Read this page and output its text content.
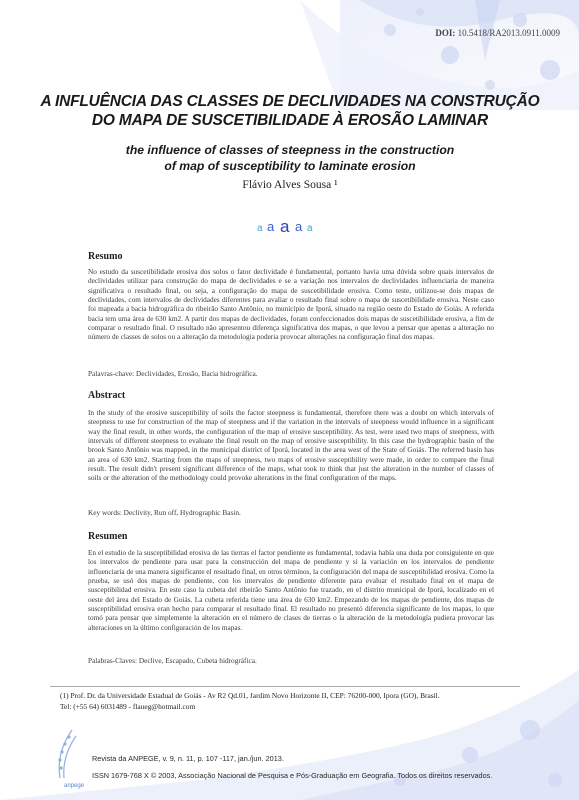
DOI: 10.5418/RA2013.0911.0009
A INFLUÊNCIA DAS CLASSES DE DECLIVIDADES NA CONSTRUÇÃO DO MAPA DE SUSCETIBILIDADE À EROSÃO LAMINAR
the influence of classes of steepness in the construction
of map of susceptibility to laminate erosion
Flávio Alves Sousa ¹
a a a a a
Resumo
No estudo da suscetibilidade erosiva dos solos o fator declividade é fundamental, portanto havia uma dúvida sobre quais intervalos de declividades utilizar para construção do mapa de declividades e se a variação nos intervalos de declividades influenciaria de maneira significativa o resultado final, ou seja, a configuração do mapa de suscetibilidade erosiva. Como teste, utilizou-se dois mapas de declividades, com intervalos de declividades diferentes para avaliar o resultado final sobre o mapa de suscetibilidade erosiva. Neste caso foi mapeada a bacia hidrográfica do ribeirão Santo Antônio, no município de Iporá, situado na região oeste do Estado de Goiás. A referida bacia tem uma área de 630 km2. A partir dos mapas de declividades, foram confeccionados dois mapas de suscetibilidade erosiva, a fim de comparar o resultado final. O resultado não apresentou diferença significativa dos mapas, o que levou a pensar que apenas a alteração no número de classes de solos ou a alteração da metodologia poderia provocar alterações na configuração final dos mapas.
Palavras-chave: Declividades, Erosão, Bacia hidrográfica.
Abstract
In the study of the erosive susceptibility of soils the factor steepness is fundamental, therefore there was a doubt on which intervals of steepness to use for construction of the map of steepness and if the variation in the intervals of steepness would influence in a significant way the final result, in other words, the configuration of the map of erosive susceptibility. As test, were used two maps of steepness, with intervals of different steepness to evaluate the final result on the map of erosive susceptibility. In this case the hydrographic basin of the brook Santo Antônio was mapped, in the municipal district of Iporá, located in the area west of the State of Goiás. The referred basin has an area of 630 km2. Starting from the maps of steepness, two maps of erosive susceptibility were made, in order to compare the final result. The result didn't present significant difference of the maps, what took to think that just the alteration in the number of classes of soils or the alteration of the methodology could provoke alterations in the final configuration of the maps.
Key words: Declivity, Run off, Hydrographic Basin.
Resumen
En el estudio de la susceptibilidad erosiva de las tierras el factor pendiente es fundamental, todavia había una duda por consiguiente en que los intervalos de pendiente para usar para la construcción del mapa de pendiente y si la variación en los intervalos de pendiente influenciaría de una manera significante el resultado final, en otros términos, la configuración del mapa de susceptibilidad erosiva. Como la prueba, se usó dos mapas de pendiente, con los intervalos de pendiente diferente para evaluar el resultado final en el mapa de susceptibilidad erosiva. En este caso la cubeta del ribeirão Santo Antônio fue trazado, en el distrito municipal de Iporá, localizado en el oeste del área del Estado de Goiás. La cubeta referida tiene una área de 630 km2. Empezando de los mapas de pendiente, dos mapas de susceptibilidad erosiva eran hecho para comparar el resultado final. El resultado no presentó diferencia significante de los mapas, lo que tomó para pensar que simplemente la alteración en el número de clases de tierras o la alteración de la metodología pudiera provocar las alteraciones en la último configuración de los mapas.
Palabras-Claves: Declive, Escapado, Cubeta hidrográfica.
(1) Prof. Dr. da Universidade Estadual de Goiás - Av R2 Qd.01, Jardim Novo Horizonte II, CEP: 76200-000, Ipora (GO), Brasil.
Tel: (+55 64) 6031489 - flaueg@hotmail.com
anpege
Revista da ANPEGE, v. 9, n. 11, p. 107 -117, jan./jun. 2013.
ISSN 1679-768 X © 2003, Associação Nacional de Pesquisa e Pós-Graduação em Geografia. Todos os direitos reservados.
